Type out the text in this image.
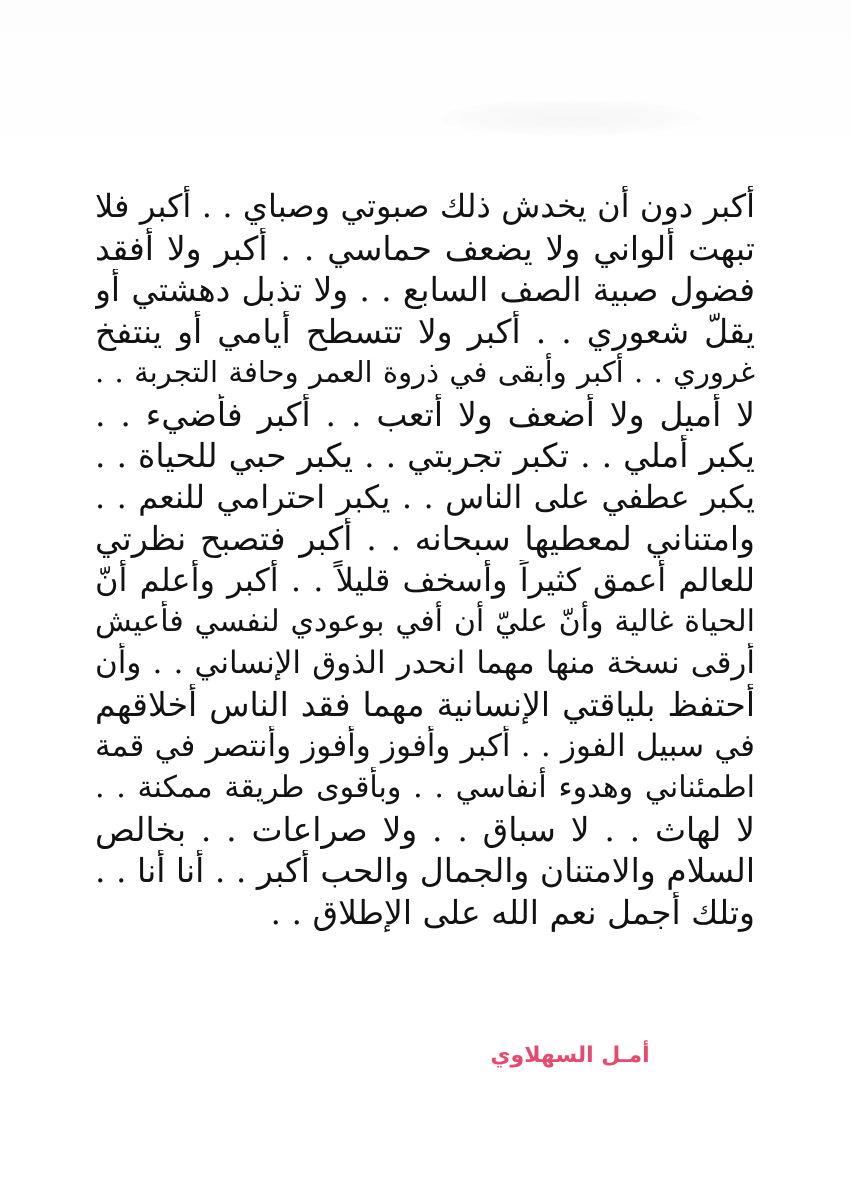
أكبر دون أن يخدش ذلك صبوتي وصباي . . أكبر فلا
تبهت ألواني ولا يضعف حماسي . . أكبر ولا أفقد
فضول صبية الصف السابع . . ولا تذبل دهشتي أو
يقلّ شعوري . . أكبر ولا تتسطح أيامي أو ينتفخ
غروري . . أكبر وأبقى في ذروة العمر وحافة التجربة . .
لا أميل ولا أضعف ولا أتعب . . أكبر فأضيء . .
يكبر أملي . . تكبر تجربتي . . يكبر حبي للحياة . .
يكبر عطفي على الناس . . يكبر احترامي للنعم . .
وامتناني لمعطيها سبحانه . . أكبر فتصبح نظرتي
للعالم أعمق كثيراً وأسخف قليلاً . . أكبر وأعلم أنّ
الحياة غالية وأنّ عليّ أن أفي بوعودي لنفسي فأعيش
أرقى نسخة منها مهما انحدر الذوق الإنساني . . وأن
أحتفظ بلياقتي الإنسانية مهما فقد الناس أخلاقهم
في سبيل الفوز . . أكبر وأفوز وأفوز وأنتصر في قمة
اطمئناني وهدوء أنفاسي . . وبأقوى طريقة ممكنة . .
لا لهاث . . لا سباق . . ولا صراعات . . بخالص
السلام والامتنان والجمال والحب أكبر . . أنا أنا . .
وتلك أجمل نعم الله على الإطلاق . .
أمـل السهلاوي
